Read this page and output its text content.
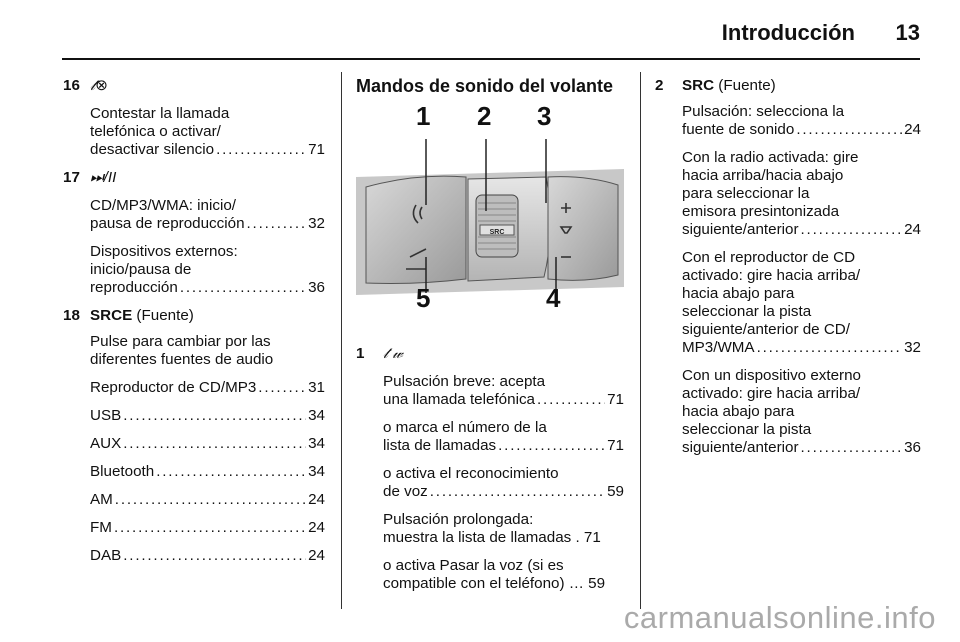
Introducción 13
16 𝓉⊗
Contestar la llamada
telefónica o activar/
desactivar silencio . . .	71
17 ⏭/II
CD/MP3/WMA: inicio/
pausa de reproducción . . .	32
Dispositivos externos:
inicio/pausa de
reproducción . . .	36
18 SRCE (Fuente)
Pulse para cambiar por las
diferentes fuentes de audio
Reproductor de CD/MP3 . . .	31
USB . . .	34
AUX . . .	34
Bluetooth . . .	34
AM . . .	24
FM . . .	24
DAB . . .	24
Mandos de sonido del volante
SRC
1 2 3
4
5
1 𝓉 𝓌
Pulsación breve: acepta
una llamada telefónica . . .	71
o marca el número de la
lista de llamadas . . .	71
o activa el reconocimiento
de voz . . .	59
Pulsación prolongada:
muestra la lista de llamadas . 71
o activa Pasar la voz (si es
compatible con el teléfono) … 59
2 SRC (Fuente)
Pulsación: selecciona la
fuente de sonido . . .	24
Con la radio activada: gire
hacia arriba/hacia abajo
para seleccionar la
emisora presintonizada
siguiente/anterior . . .	24
Con el reproductor de CD
activado: gire hacia arriba/
hacia abajo para
seleccionar la pista
siguiente/anterior de CD/
MP3/WMA . . .	32
Con un dispositivo externo
activado: gire hacia arriba/
hacia abajo para
seleccionar la pista
siguiente/anterior . . .	36
carmanualsonline.info
